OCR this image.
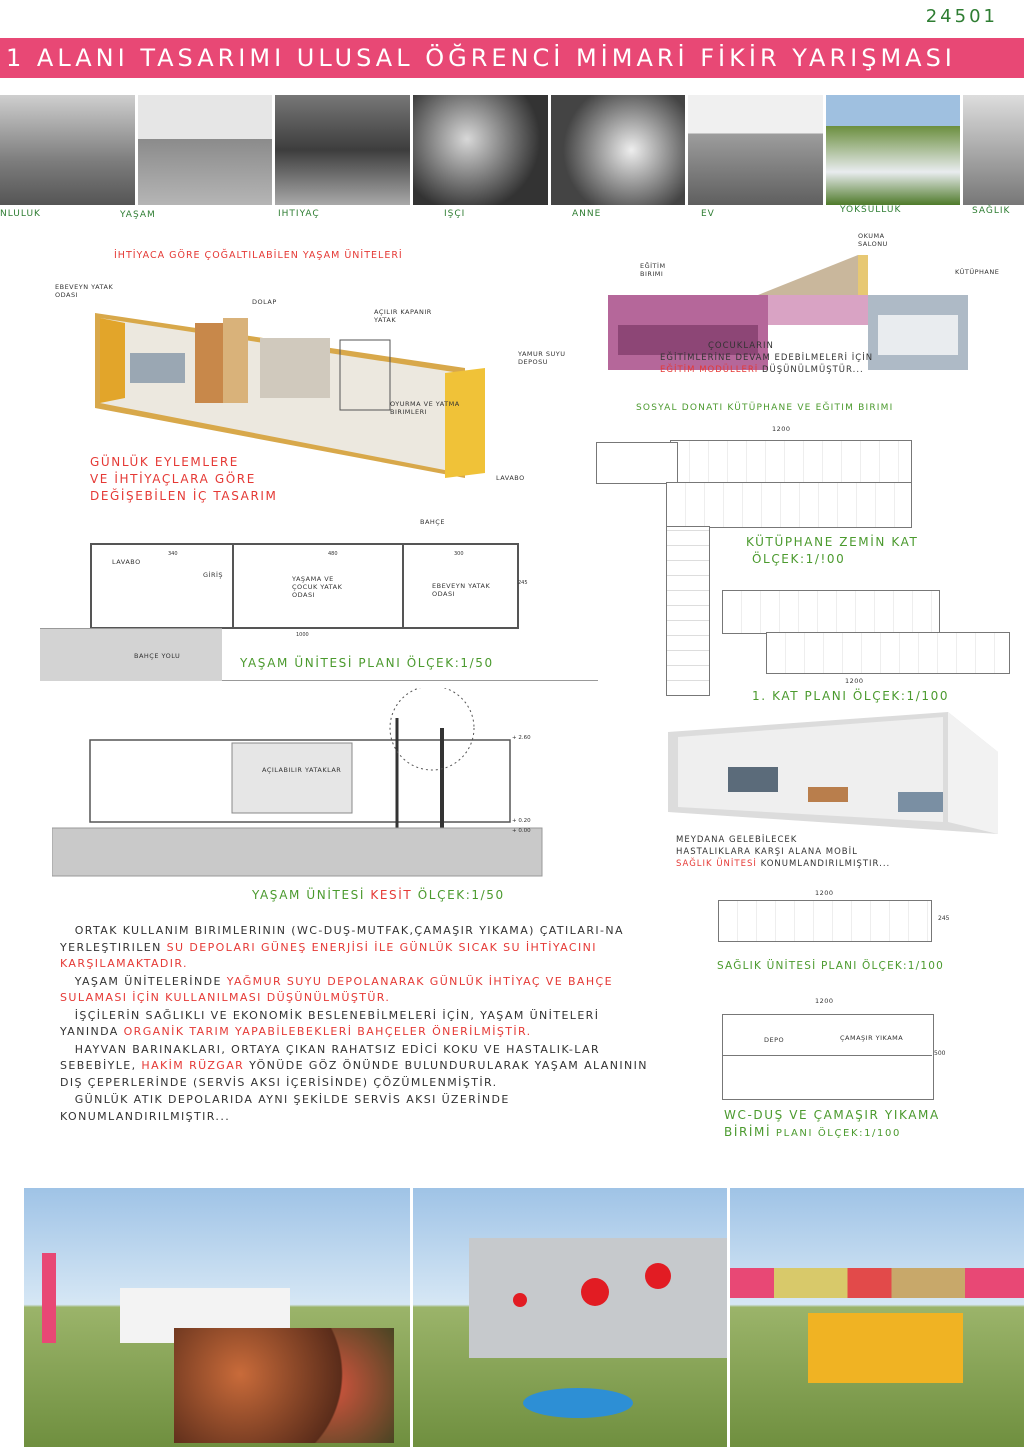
24501
1 ALANI TASARIMI ULUSAL ÖĞRENCİ MİMARİ FİKİR YARIŞMASI
NLULUK	YAŞAM	IHTIYAÇ	IŞÇI	ANNE	EV	YOKSULLUK	SAĞLIK
İHTİYACA GÖRE ÇOĞALTILABİLEN YAŞAM ÜNİTELERİ
EBEVEYN YATAK ODASI
DOLAP
AÇILIR KAPANIR YATAK
YAMUR SUYU DEPOSU
OYURMA VE YATMA BIRIMLERI
LAVABO
GÜNLÜK EYLEMLERE
VE İHTİYAÇLARA GÖRE
DEĞİŞEBİLEN İÇ TASARIM
OKUMA SALONU
EĞİTİM BIRIMI	KÜTÜPHANE
ÇOCUKLARIN
EĞİTİMLERİNE DEVAM EDEBİLMELERİ İÇİN
EĞİTİM MODÜLLERİ DÜŞÜNÜLMÜŞTÜR...
SOSYAL DONATI KÜTÜPHANE VE EĞITIM BIRIMI
1200
KÜTÜPHANE ZEMİN KAT
ÖLÇEK:1/!00
1200
1. KAT PLANI ÖLÇEK:1/100
BAHÇE
LAVABO
GİRİŞ	YAŞAMA VE ÇOCUK YATAK ODASI
EBEVEYN YATAK ODASI
340	480	300
1000
245
BAHÇE YOLU	YAŞAM ÜNİTESİ PLANI ÖLÇEK:1/50
AÇILABILIR YATAKLAR
+ 2.60
+ 0.20
+ 0.00
YAŞAM ÜNİTESİ KESİT ÖLÇEK:1/50
MEYDANA GELEBİLECEK
HASTALIKLARA KARŞI ALANA MOBİL
SAĞLIK ÜNİTESİ KONUMLANDIRILMIŞTIR...
1200
245
SAĞLIK ÜNİTESİ PLANI ÖLÇEK:1/100
1200
500
DEPO	ÇAMAŞIR YIKAMA
WC-DUŞ VE ÇAMAŞIR YIKAMA
BİRİMİ PLANI ÖLÇEK:1/100

ORTAK KULLANIM BIRIMLERININ (WC-DUŞ-MUTFAK,ÇAMAŞIR YIKAMA) ÇATILARI-NA YERLEŞTIRILEN SU DEPOLARI GÜNEŞ ENERJİSİ İLE GÜNLÜK SICAK SU İHTİYACINI KARŞILAMAKTADIR.

YAŞAM ÜNİTELERİNDE YAĞMUR SUYU DEPOLANARAK GÜNLÜK İHTİYAÇ VE BAHÇE SULAMASI İÇİN KULLANILMASI DÜŞÜNÜLMÜŞTÜR.

İŞÇİLERİN SAĞLIKLI VE EKONOMİK BESLENEBİLMELERİ İÇİN, YAŞAM ÜNİTELERİ YANINDA ORGANİK TARIM YAPABİLEBEKLERİ BAHÇELER ÖNERİLMİŞTİR.

HAYVAN BARINAKLARI, ORTAYA ÇIKAN RAHATSIZ EDİCİ KOKU VE HASTALIK-LAR SEBEBİYLE, HAKİM RÜZGAR YÖNÜDE GÖZ ÖNÜNDE BULUNDURULARAK YAŞAM ALANININ DIŞ ÇEPERLERİNDE (SERVİS AKSI İÇERİSİNDE) ÇÖZÜMLENMİŞTİR.

GÜNLÜK ATIK DEPOLARIDA AYNI ŞEKİLDE SERVİS AKSI ÜZERİNDE KONUMLANDIRILMIŞTIR...
